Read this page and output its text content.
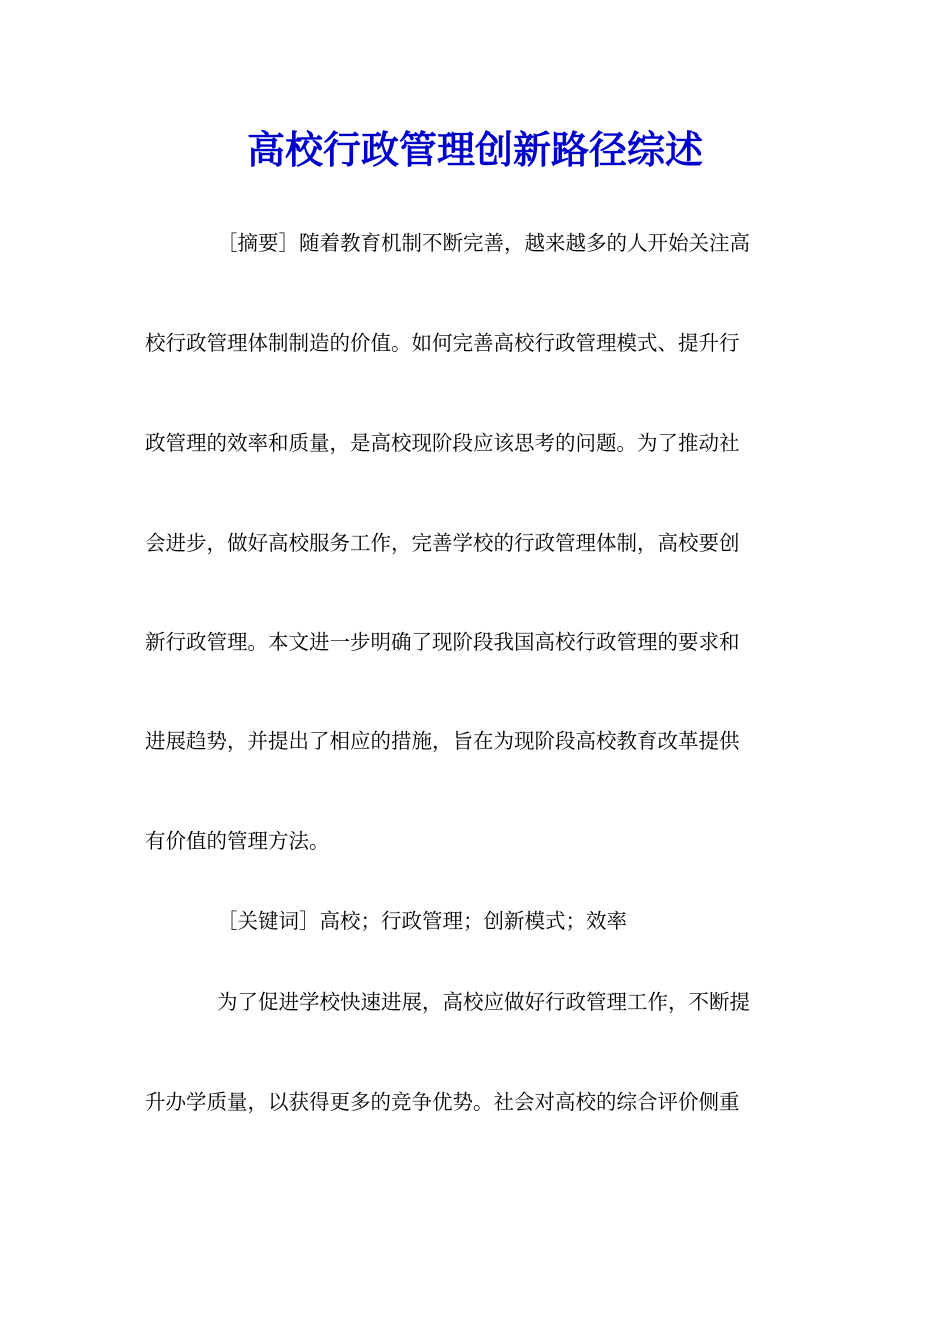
高校行政管理创新路径综述
［摘要］随着教育机制不断完善，越来越多的人开始关注高
校行政管理体制制造的价值。如何完善高校行政管理模式、提升行
政管理的效率和质量，是高校现阶段应该思考的问题。为了推动社
会进步，做好高校服务工作，完善学校的行政管理体制，高校要创
新行政管理。本文进一步明确了现阶段我国高校行政管理的要求和
进展趋势，并提出了相应的措施，旨在为现阶段高校教育改革提供
有价值的管理方法。
［关键词］高校；行政管理；创新模式；效率
为了促进学校快速进展，高校应做好行政管理工作，不断提
升办学质量，以获得更多的竞争优势。社会对高校的综合评价侧重
